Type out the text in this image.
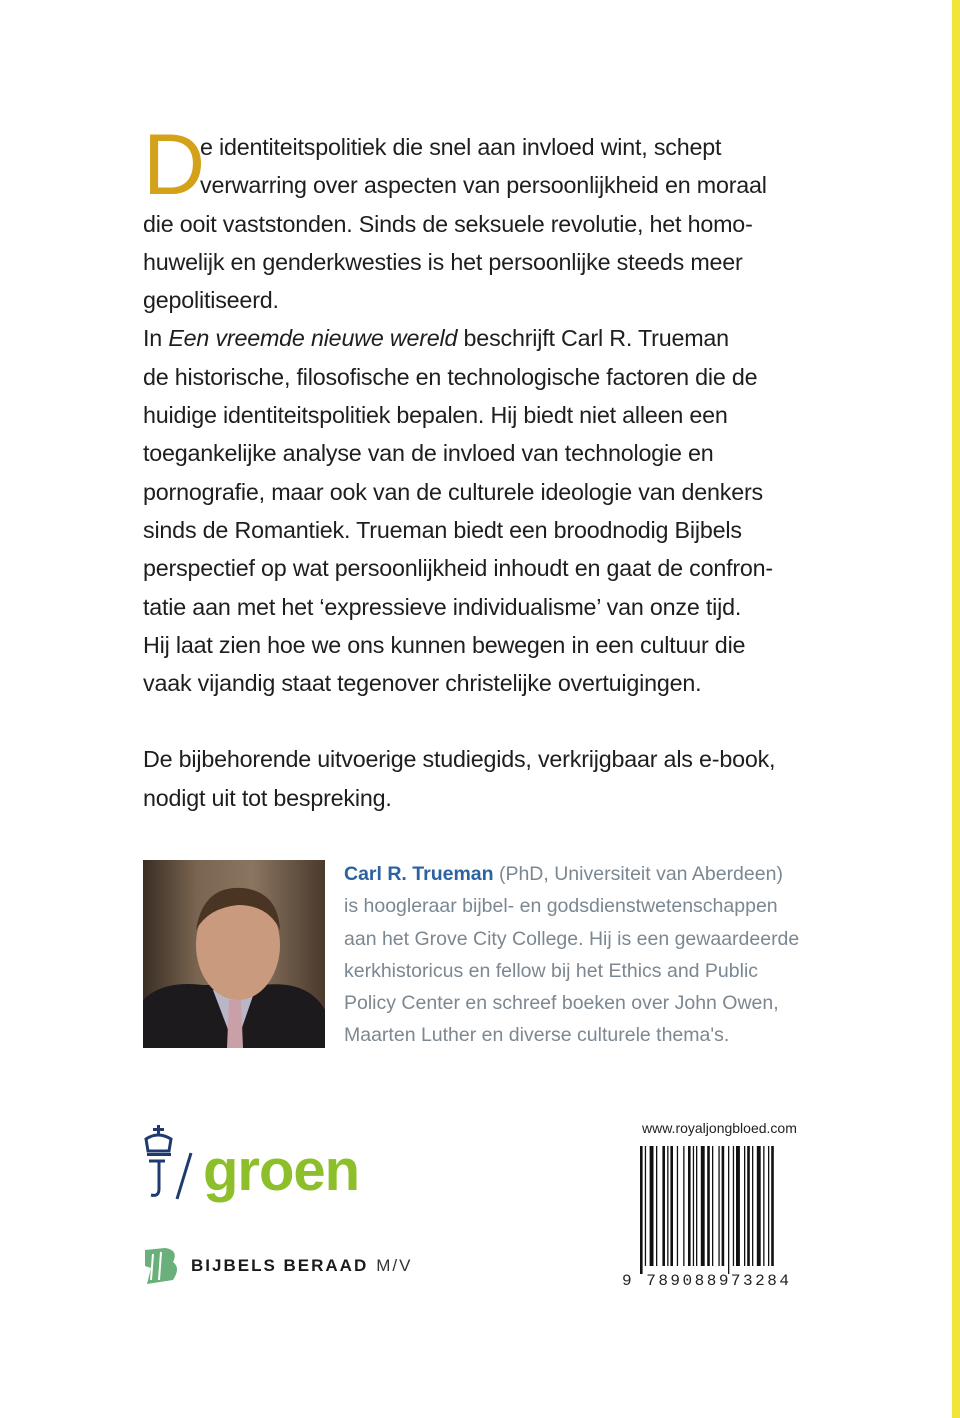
D
e identiteitspolitiek die snel aan invloed wint, schept
verwarring over aspecten van persoonlijkheid en moraal
die ooit vaststonden. Sinds de seksuele revolutie, het homo-
huwelijk en genderkwesties is het persoonlijke steeds meer
gepolitiseerd.
In Een vreemde nieuwe wereld beschrijft Carl R. Trueman
de historische, filosofische en technologische factoren die de
huidige identiteitspolitiek bepalen. Hij biedt niet alleen een
toegankelijke analyse van de invloed van technologie en
pornografie, maar ook van de culturele ideologie van denkers
sinds de Romantiek. Trueman biedt een broodnodig Bijbels
perspectief op wat persoonlijkheid inhoudt en gaat de confron-
tatie aan met het ‘expressieve individualisme’ van onze tijd.
Hij laat zien hoe we ons kunnen bewegen in een cultuur die
vaak vijandig staat tegenover christelijke overtuigingen.
De bijbehorende uitvoerige studiegids, verkrijgbaar als e-book,
nodigt uit tot bespreking.
Carl R. Trueman (PhD, Universiteit van Aberdeen)
is hoogleraar bijbel- en godsdienstwetenschappen
aan het Grove City College. Hij is een gewaardeerde
kerkhistoricus en fellow bij het Ethics and Public
Policy Center en schreef boeken over John Owen,
Maarten Luther en diverse culturele thema's.
groen
BIJBELS BERAAD M/V
www.royaljongbloed.com
9 789088973284
